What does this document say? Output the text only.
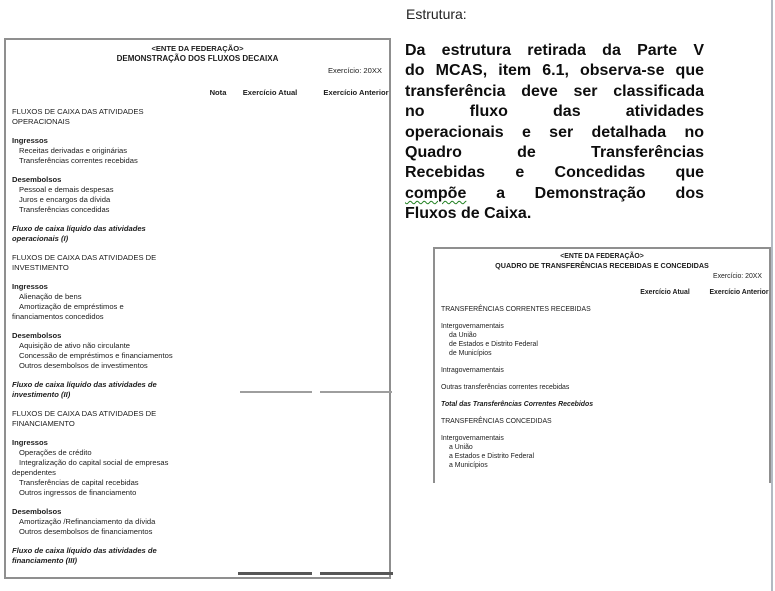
<ENTE DA FEDERAÇÃO>
DEMONSTRAÇÃO DOS FLUXOS DECAIXA
Exercício: 20XX
Nota	Exercício Atual	Exercício Anterior
FLUXOS DE CAIXA DAS ATIVIDADES
OPERACIONAIS
Ingressos
Receitas derivadas e originárias
Transferências correntes recebidas
Desembolsos
Pessoal e demais despesas
Juros e encargos da dívida
Transferências concedidas
Fluxo de caixa líquido das atividades
operacionais (I)
FLUXOS DE CAIXA DAS ATIVIDADES DE
INVESTIMENTO
Ingressos
Alienação de bens
Amortização de empréstimos e
financiamentos concedidos
Desembolsos
Aquisição de ativo não circulante
Concessão de empréstimos e financiamentos
Outros desembolsos de investimentos
Fluxo de caixa líquido das atividades de
investimento (II)
FLUXOS DE CAIXA DAS ATIVIDADES DE
FINANCIAMENTO
Ingressos
Operações de crédito
Integralização do capital social de empresas
dependentes
Transferências de capital recebidas
Outros ingressos de financiamento
Desembolsos
Amortização /Refinanciamento da dívida
Outros desembolsos de financiamentos
Fluxo de caixa líquido das atividades de
financiamento (III)
Estrutura:
Da estrutura retirada da Parte V
do MCAS, item 6.1, observa-se que
transferência deve ser classificada
no fluxo das atividades
operacionais e ser detalhada no
Quadro de Transferências
Recebidas e Concedidas que
compõe a Demonstração dos
Fluxos de Caixa.
<ENTE DA FEDERAÇÃO>
QUADRO DE TRANSFERÊNCIAS RECEBIDAS E CONCEDIDAS
Exercício: 20XX
Exercício Atual	Exercício Anterior
TRANSFERÊNCIAS CORRENTES RECEBIDAS
Intergovernamentais
da União
de Estados e Distrito Federal
de Municípios
Intragovernamentais
Outras transferências correntes recebidas
Total das Transferências Correntes Recebidos
TRANSFERÊNCIAS CONCEDIDAS
Intergovernamentais
a União
a Estados e Distrito Federal
a Municípios
